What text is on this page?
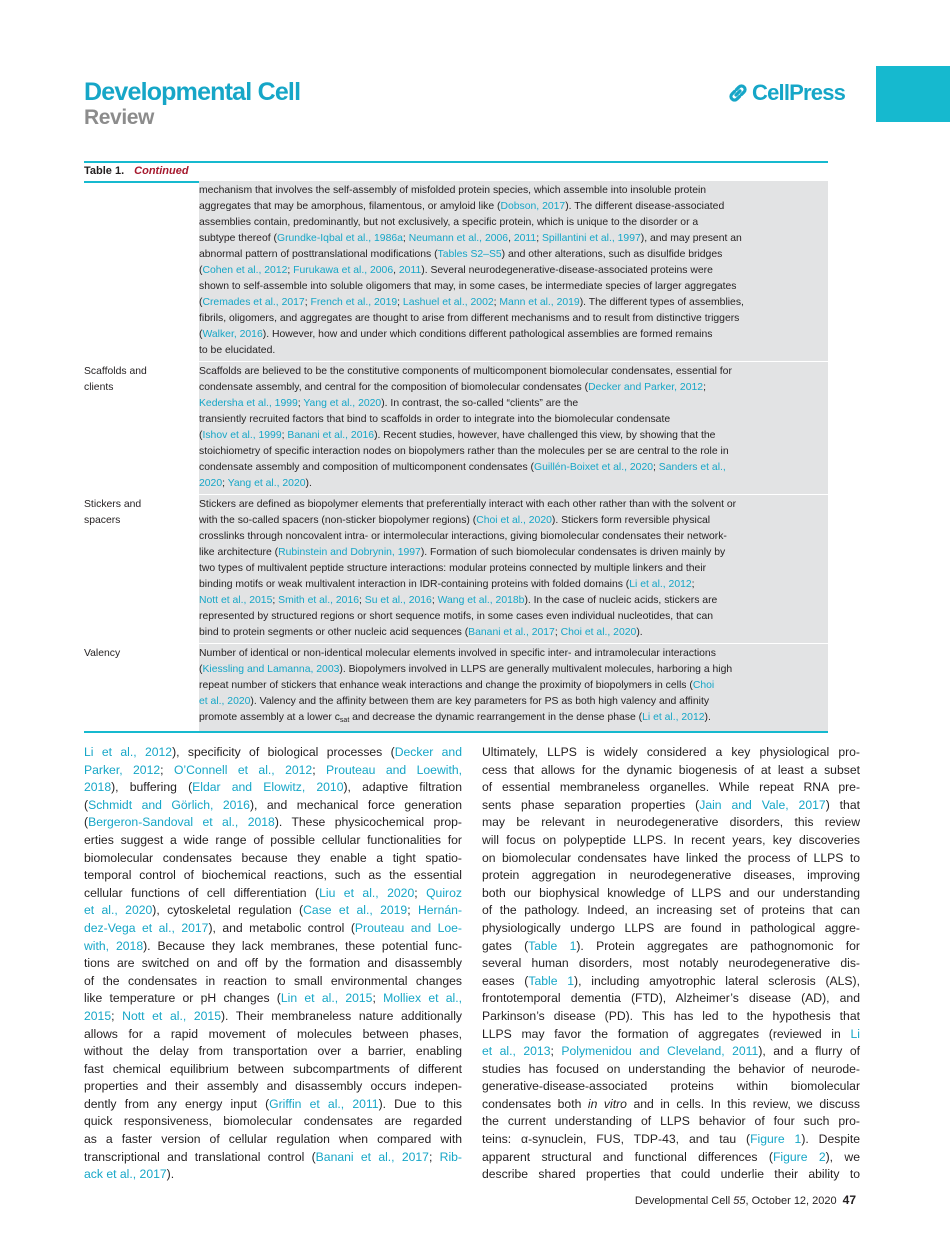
Developmental Cell
Review
CellPress
Table 1. Continued
mechanism that involves the self-assembly of misfolded protein species, which assemble into insoluble protein
aggregates that may be amorphous, filamentous, or amyloid like (Dobson, 2017). The different disease-associated
assemblies contain, predominantly, but not exclusively, a specific protein, which is unique to the disorder or a
subtype thereof (Grundke-Iqbal et al., 1986a; Neumann et al., 2006, 2011; Spillantini et al., 1997), and may present an
abnormal pattern of posttranslational modifications (Tables S2–S5) and other alterations, such as disulfide bridges
(Cohen et al., 2012; Furukawa et al., 2006, 2011). Several neurodegenerative-disease-associated proteins were
shown to self-assemble into soluble oligomers that may, in some cases, be intermediate species of larger aggregates
(Cremades et al., 2017; French et al., 2019; Lashuel et al., 2002; Mann et al., 2019). The different types of assemblies,
fibrils, oligomers, and aggregates are thought to arise from different mechanisms and to result from distinctive triggers
(Walker, 2016). However, how and under which conditions different pathological assemblies are formed remains
to be elucidated.
Scaffolds and
clients
Scaffolds are believed to be the constitutive components of multicomponent biomolecular condensates, essential for
condensate assembly, and central for the composition of biomolecular condensates (Decker and Parker, 2012;
Kedersha et al., 1999; Yang et al., 2020). In contrast, the so-called “clients” are the
transiently recruited factors that bind to scaffolds in order to integrate into the biomolecular condensate
(Ishov et al., 1999; Banani et al., 2016). Recent studies, however, have challenged this view, by showing that the
stoichiometry of specific interaction nodes on biopolymers rather than the molecules per se are central to the role in
condensate assembly and composition of multicomponent condensates (Guillén-Boixet et al., 2020; Sanders et al.,
2020; Yang et al., 2020).
Stickers and
spacers
Stickers are defined as biopolymer elements that preferentially interact with each other rather than with the solvent or
with the so-called spacers (non-sticker biopolymer regions) (Choi et al., 2020). Stickers form reversible physical
crosslinks through noncovalent intra- or intermolecular interactions, giving biomolecular condensates their network-
like architecture (Rubinstein and Dobrynin, 1997). Formation of such biomolecular condensates is driven mainly by
two types of multivalent peptide structure interactions: modular proteins connected by multiple linkers and their
binding motifs or weak multivalent interaction in IDR-containing proteins with folded domains (Li et al., 2012;
Nott et al., 2015; Smith et al., 2016; Su et al., 2016; Wang et al., 2018b). In the case of nucleic acids, stickers are
represented by structured regions or short sequence motifs, in some cases even individual nucleotides, that can
bind to protein segments or other nucleic acid sequences (Banani et al., 2017; Choi et al., 2020).
Valency	Number of identical or non-identical molecular elements involved in specific inter- and intramolecular interactions
(Kiessling and Lamanna, 2003). Biopolymers involved in LLPS are generally multivalent molecules, harboring a high
repeat number of stickers that enhance weak interactions and change the proximity of biopolymers in cells (Choi
et al., 2020). Valency and the affinity between them are key parameters for PS as both high valency and affinity
promote assembly at a lower $c_{sat}$ and decrease the dynamic rearrangement in the dense phase (Li et al., 2012).
Li et al., 2012), specificity of biological processes (Decker and
Parker, 2012; O’Connell et al., 2012; Prouteau and Loewith,
2018), buffering (Eldar and Elowitz, 2010), adaptive filtration
(Schmidt and Görlich, 2016), and mechanical force generation
(Bergeron-Sandoval et al., 2018). These physicochemical prop-
erties suggest a wide range of possible cellular functionalities for
biomolecular condensates because they enable a tight spatio-
temporal control of biochemical reactions, such as the essential
cellular functions of cell differentiation (Liu et al., 2020; Quiroz
et al., 2020), cytoskeletal regulation (Case et al., 2019; Hernán-
dez-Vega et al., 2017), and metabolic control (Prouteau and Loe-
with, 2018). Because they lack membranes, these potential func-
tions are switched on and off by the formation and disassembly
of the condensates in reaction to small environmental changes
like temperature or pH changes (Lin et al., 2015; Molliex et al.,
2015; Nott et al., 2015). Their membraneless nature additionally
allows for a rapid movement of molecules between phases,
without the delay from transportation over a barrier, enabling
fast chemical equilibrium between subcompartments of different
properties and their assembly and disassembly occurs indepen-
dently from any energy input (Griffin et al., 2011). Due to this
quick responsiveness, biomolecular condensates are regarded
as a faster version of cellular regulation when compared with
transcriptional and translational control (Banani et al., 2017; Rib-
ack et al., 2017).
Ultimately, LLPS is widely considered a key physiological pro-
cess that allows for the dynamic biogenesis of at least a subset
of essential membraneless organelles. While repeat RNA pre-
sents phase separation properties (Jain and Vale, 2017) that
may be relevant in neurodegenerative disorders, this review
will focus on polypeptide LLPS. In recent years, key discoveries
on biomolecular condensates have linked the process of LLPS to
protein aggregation in neurodegenerative diseases, improving
both our biophysical knowledge of LLPS and our understanding
of the pathology. Indeed, an increasing set of proteins that can
physiologically undergo LLPS are found in pathological aggre-
gates (Table 1). Protein aggregates are pathognomonic for
several human disorders, most notably neurodegenerative dis-
eases (Table 1), including amyotrophic lateral sclerosis (ALS),
frontotemporal dementia (FTD), Alzheimer’s disease (AD), and
Parkinson’s disease (PD). This has led to the hypothesis that
LLPS may favor the formation of aggregates (reviewed in Li
et al., 2013; Polymenidou and Cleveland, 2011), and a flurry of
studies has focused on understanding the behavior of neurode-
generative-disease-associated proteins within biomolecular
condensates both in vitro and in cells. In this review, we discuss
the current understanding of LLPS behavior of four such pro-
teins: α-synuclein, FUS, TDP-43, and tau (Figure 1). Despite
apparent structural and functional differences (Figure 2), we
describe shared properties that could underlie their ability to
Developmental Cell 55, October 12, 2020 47
